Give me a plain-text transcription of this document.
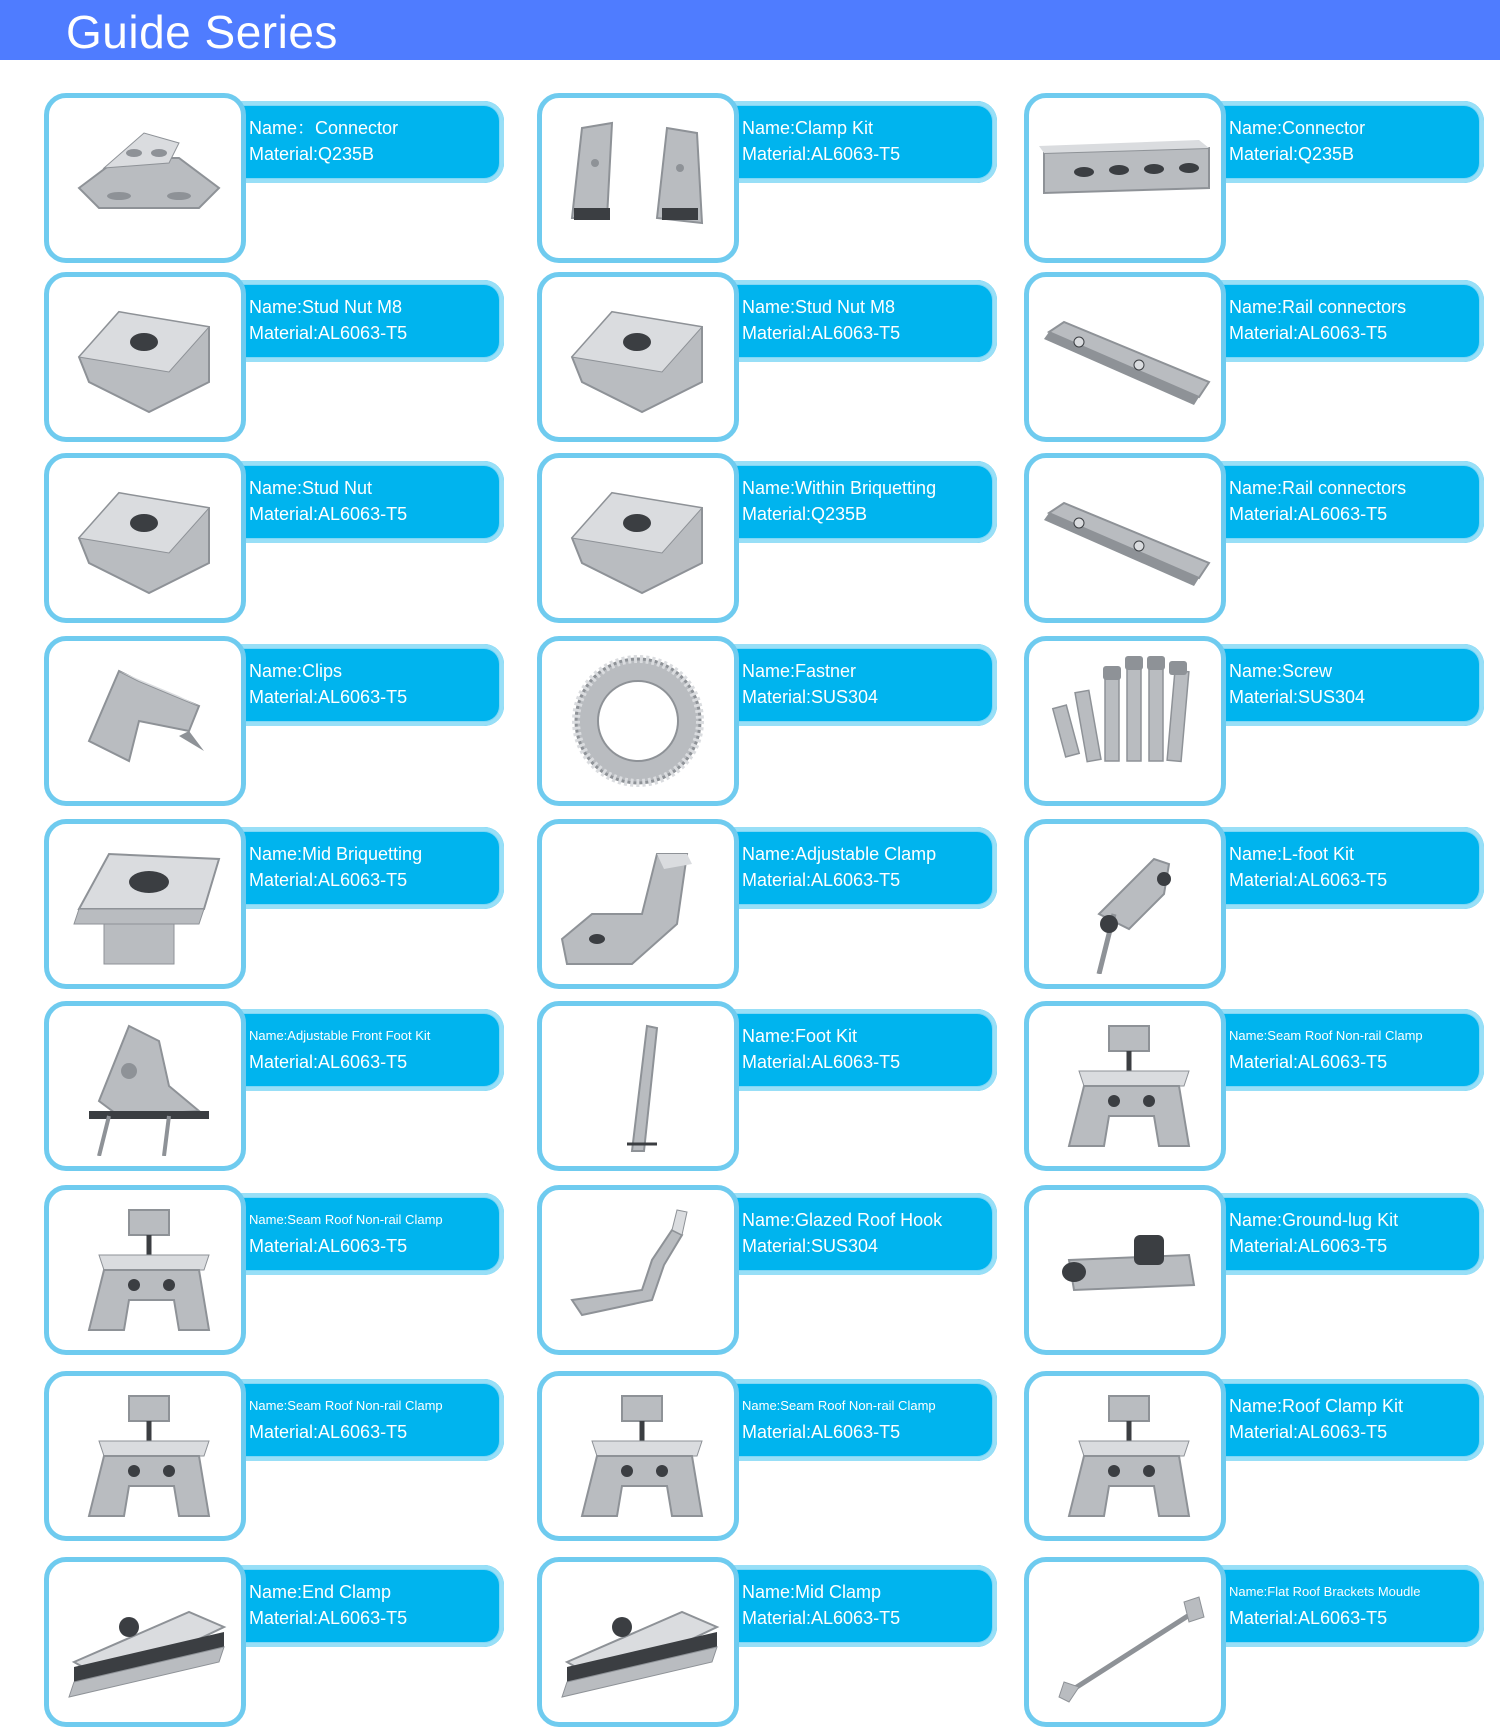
Guide Series
Name：Connector
Material:Q235B
Name:Clamp Kit
Material:AL6063-T5
Name:Connector
Material:Q235B
Name:Stud Nut M8
Material:AL6063-T5
Name:Stud Nut M8
Material:AL6063-T5
Name:Rail connectors
Material:AL6063-T5
Name:Stud Nut
Material:AL6063-T5
Name:Within Briquetting
Material:Q235B
Name:Rail connectors
Material:AL6063-T5
Name:Clips
Material:AL6063-T5
Name:Fastner
Material:SUS304
Name:Screw
Material:SUS304
Name:Mid Briquetting
Material:AL6063-T5
Name:Adjustable Clamp
Material:AL6063-T5
Name:L-foot Kit
Material:AL6063-T5
Name:Adjustable Front Foot Kit
Material:AL6063-T5
Name:Foot Kit
Material:AL6063-T5
Name:Seam Roof Non-rail Clamp
Material:AL6063-T5
Name:Seam Roof Non-rail Clamp
Material:AL6063-T5
Name:Glazed Roof Hook
Material:SUS304
Name:Ground-lug Kit
Material:AL6063-T5
Name:Seam Roof Non-rail Clamp
Material:AL6063-T5
Name:Seam Roof Non-rail Clamp
Material:AL6063-T5
Name:Roof Clamp Kit
Material:AL6063-T5
Name:End Clamp
Material:AL6063-T5
Name:Mid Clamp
Material:AL6063-T5
Name:Flat Roof Brackets Moudle
Material:AL6063-T5
